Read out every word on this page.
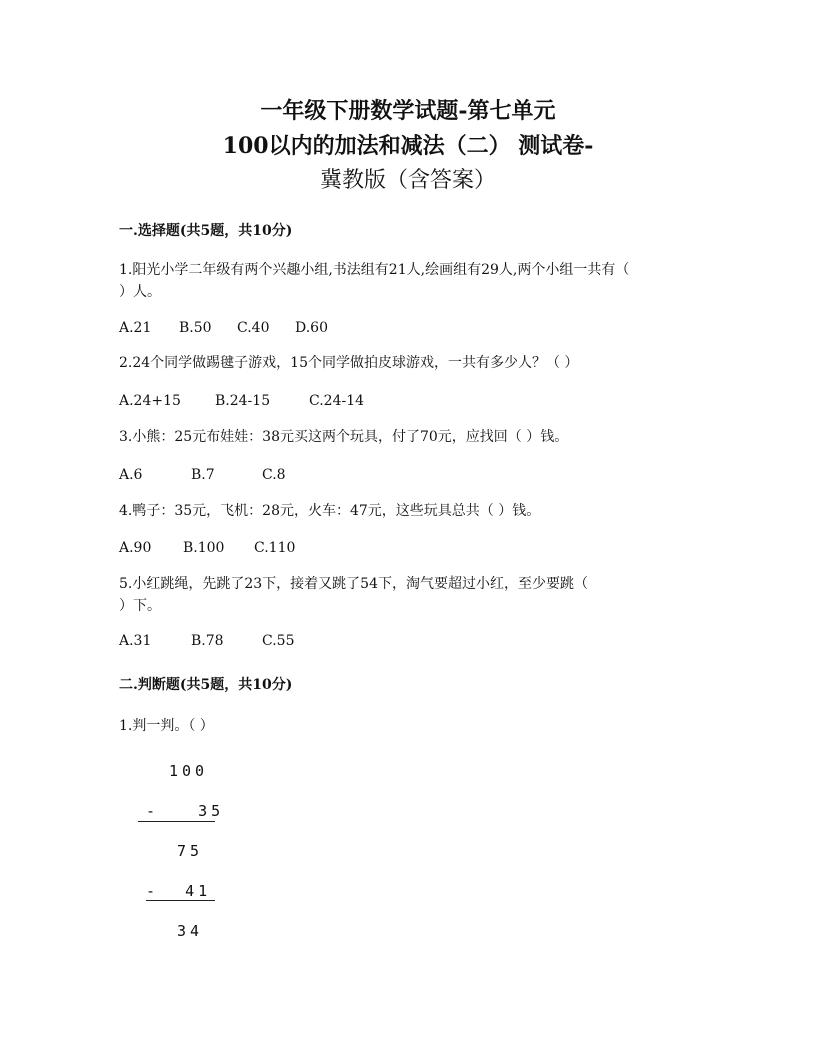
一年级下册数学试题-第七单元
100以内的加法和减法（二） 测试卷-
冀教版（含答案）
一.选择题(共5题，共10分)
1.阳光小学二年级有两个兴趣小组,书法组有21人,绘画组有29人,两个小组一共有（
）人。
A.21 B.50 C.40 D.60
2.24个同学做踢毽子游戏，15个同学做拍皮球游戏，一共有多少人？（ ）
A.24+15 B.24-15	C.24-14
3.小熊：25元布娃娃：38元买这两个玩具，付了70元，应找回（ ）钱。
A.6	B.7	C.8
4.鸭子：35元，飞机：28元，火车：47元，这些玩具总共（ ）钱。
A.90 B.100 C.110
5.小红跳绳，先跳了23下，接着又跳了54下，淘气要超过小红，至少要跳（
）下。
A.31	B.78	C.55
二.判断题(共5题，共10分)
1.判一判。（ ）
100
-   35
75
-  41
34
